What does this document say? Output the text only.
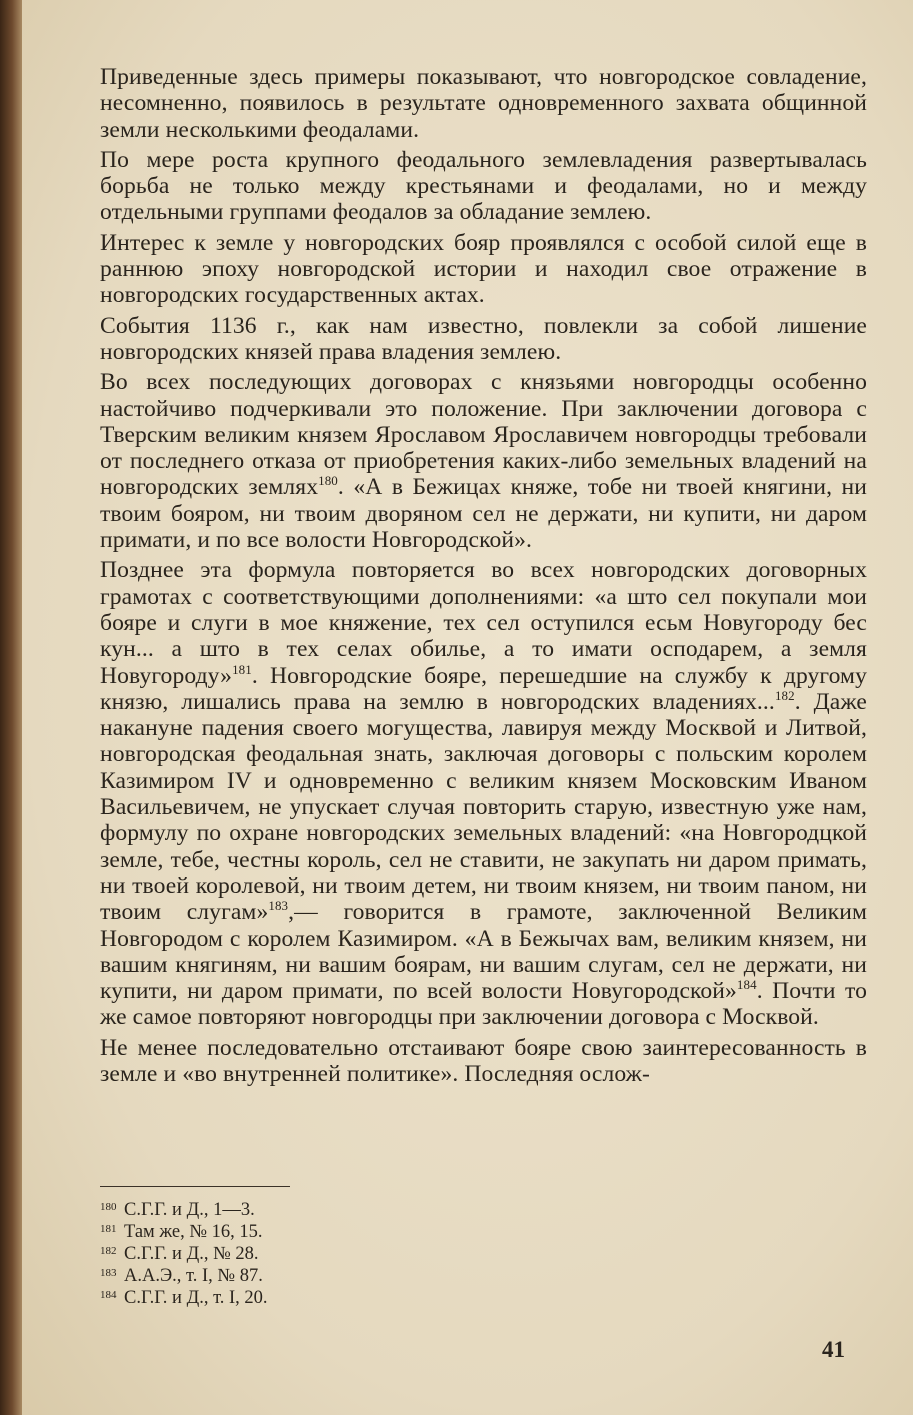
Приведенные здесь примеры показывают, что новгородское совладение, несомненно, появилось в результате одновременного захвата общинной земли несколькими феодалами.

По мере роста крупного феодального землевладения развертывалась борьба не только между крестьянами и феодалами, но и между отдельными группами феодалов за обладание землею.

Интерес к земле у новгородских бояр проявлялся с особой силой еще в раннюю эпоху новгородской истории и находил свое отражение в новгородских государственных актах.

События 1136 г., как нам известно, повлекли за собой лишение новгородских князей права владения землею.

Во всех последующих договорах с князьями новгородцы особенно настойчиво подчеркивали это положение. При заключении договора с Тверским великим князем Ярославом Ярославичем новгородцы требовали от последнего отказа от приобретения каких-либо земельных владений на новгородских землях$^{180}$. «А в Бежицах княже, тобе ни твоей княгини, ни твоим бояром, ни твоим дворяном сел не держати, ни купити, ни даром примати, и по все волости Новгородской».

Позднее эта формула повторяется во всех новгородских договорных грамотах с соответствующими дополнениями: «а што сел покупали мои бояре и слуги в мое княжение, тех сел оступился есьм Новугороду бес кун... а што в тех селах обилье, а то имати осподарем, а земля Новугороду»$^{181}$. Новгородские бояре, перешедшие на службу к другому князю, лишались права на землю в новгородских владениях...$^{182}$. Даже накануне падения своего могущества, лавируя между Москвой и Литвой, новгородская феодальная знать, заключая договоры с польским королем Казимиром IV и одновременно с великим князем Московским Иваном Васильевичем, не упускает случая повторить старую, известную уже нам, формулу по охране новгородских земельных владений: «на Новгородцкой земле, тебе, честны король, сел не ставити, не закупать ни даром примать, ни твоей королевой, ни твоим детем, ни твоим князем, ни твоим паном, ни твоим слугам»$^{183}$,— говорится в грамоте, заключенной Великим Новгородом с королем Казимиром. «А в Бежычах вам, великим князем, ни вашим княгиням, ни вашим боярам, ни вашим слугам, сел не держати, ни купити, ни даром примати, по всей волости Новугородской»$^{184}$. Почти то же самое повторяют новгородцы при заключении договора с Москвой.

Не менее последовательно отстаивают бояре свою заинтересованность в земле и «во внутренней политике». Последняя ослож-

180 С.Г.Г. и Д., 1—3.
181 Там же, № 16, 15.
182 С.Г.Г. и Д., № 28.
183 А.А.Э., т. I, № 87.
184 С.Г.Г. и Д., т. I, 20.
41
